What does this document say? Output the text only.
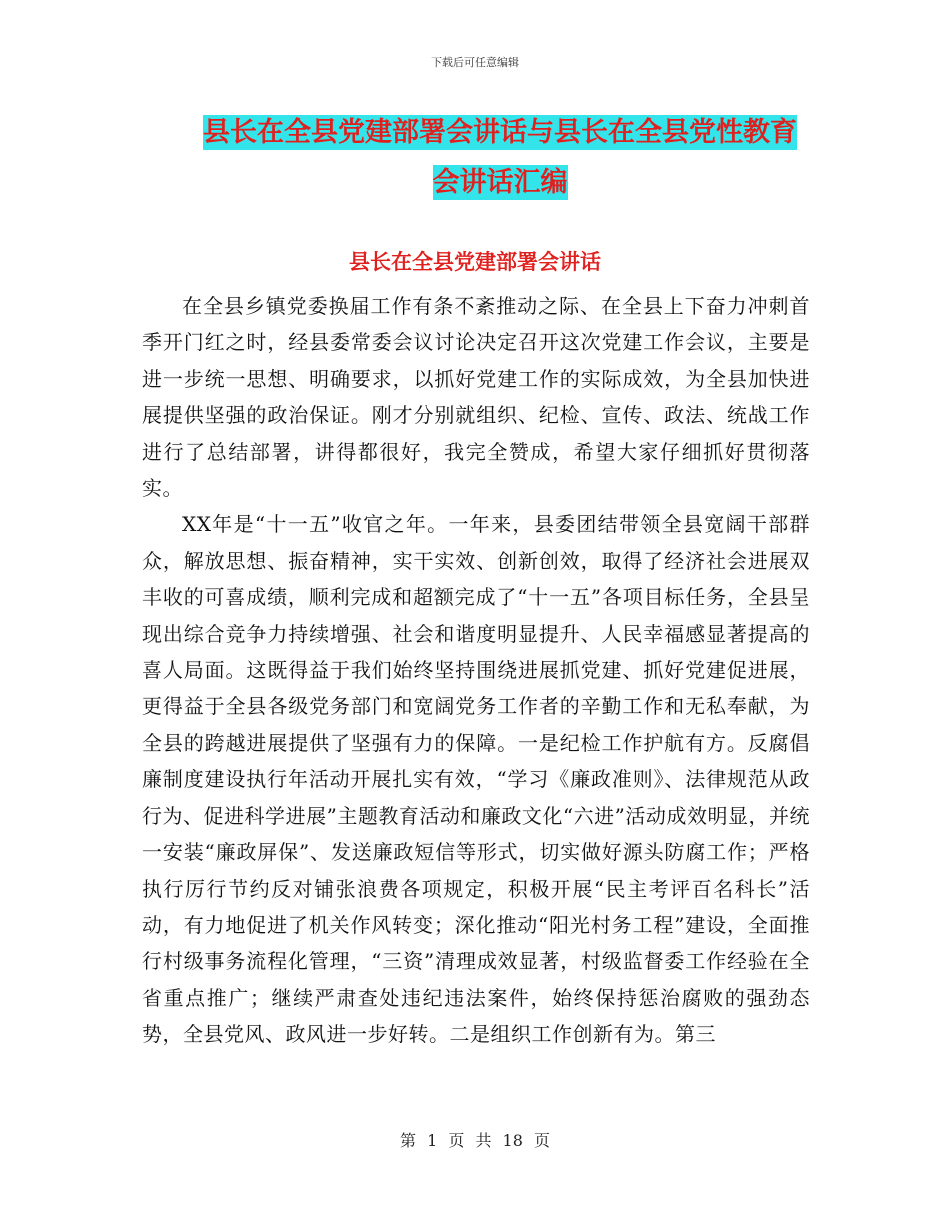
下载后可任意编辑
县长在全县党建部署会讲话与县长在全县党性教育会讲话汇编
县长在全县党建部署会讲话

在全县乡镇党委换届工作有条不紊推动之际、在全县上下奋力冲刺首季开门红之时，经县委常委会议讨论决定召开这次党建工作会议，主要是进一步统一思想、明确要求，以抓好党建工作的实际成效，为全县加快进展提供坚强的政治保证。刚才分别就组织、纪检、宣传、政法、统战工作进行了总结部署，讲得都很好，我完全赞成，希望大家仔细抓好贯彻落实。

XX年是“十一五”收官之年。一年来，县委团结带领全县宽阔干部群众，解放思想、振奋精神，实干实效、创新创效，取得了经济社会进展双丰收的可喜成绩，顺利完成和超额完成了“十一五”各项目标任务，全县呈现出综合竞争力持续增强、社会和谐度明显提升、人民幸福感显著提高的喜人局面。这既得益于我们始终坚持围绕进展抓党建、抓好党建促进展，更得益于全县各级党务部门和宽阔党务工作者的辛勤工作和无私奉献，为全县的跨越进展提供了坚强有力的保障。一是纪检工作护航有方。反腐倡廉制度建设执行年活动开展扎实有效，“学习《廉政准则》、法律规范从政行为、促进科学进展”主题教育活动和廉政文化“六进”活动成效明显，并统一安装“廉政屏保”、发送廉政短信等形式，切实做好源头防腐工作；严格执行厉行节约反对铺张浪费各项规定，积极开展“民主考评百名科长”活动，有力地促进了机关作风转变；深化推动“阳光村务工程”建设，全面推行村级事务流程化管理，“三资”清理成效显著，村级监督委工作经验在全省重点推广；继续严肃查处违纪违法案件，始终保持惩治腐败的强劲态势，全县党风、政风进一步好转。二是组织工作创新有为。第三

第 1 页 共 18 页
